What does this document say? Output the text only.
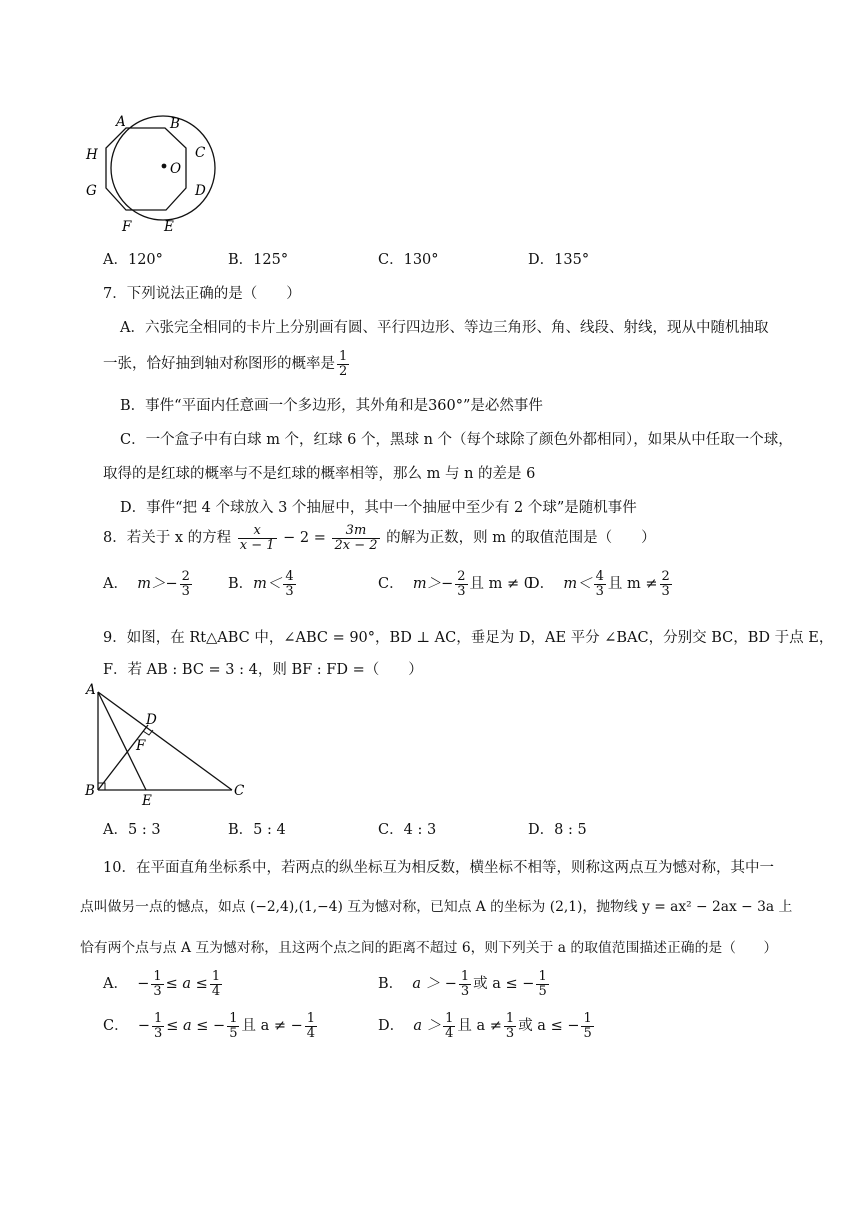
A	B
C
D
E
F
G
H
O
A．120°	B．125°	C．130°	D．135°
7．下列说法正确的是（　　）
A．六张完全相同的卡片上分别画有圆、平行四边形、等边三角形、角、线段、射线，现从中随机抽取
一张，恰好抽到轴对称图形的概率是 $\frac{1}{2}$
B．事件“平面内任意画一个多边形，其外角和是360°”是必然事件
C．一个盒子中有白球 m 个，红球 6 个，黑球 n 个（每个球除了颜色外都相同），如果从中任取一个球，
取得的是红球的概率与不是红球的概率相等，那么 m 与 n 的差是 6
D．事件“把 4 个球放入 3 个抽屉中，其中一个抽屉中至少有 2 个球”是随机事件
8．若关于 x 的方程 $\frac{x}{x - 1} - 2 = \frac{3m}{2x - 2}$ 的解为正数，则 m 的取值范围是（　　）
A． $m>- \frac{2}{3}$ B．$m< \frac{4}{3}$	C． $m>- \frac{2}{3}$ 且 m ≠ 0
D． $m< \frac{4}{3}$ 且 $m \ne \frac{2}{3}$
9．如图，在 Rt△ABC 中，∠ABC = 90°，BD ⊥ AC，垂足为 D，AE 平分 ∠BAC，分别交 BC，BD 于点 E，
F．若 AB : BC = 3 : 4，则 BF : FD =（　　）
A
D
F
B
E
C
A．5 : 3	B．5 : 4	C．4 : 3	D．8 : 5
10．在平面直角坐标系中，若两点的纵坐标互为相反数，横坐标不相等，则称这两点互为憾对称，其中一
点叫做另一点的憾点，如点 (−2,4),(1,−4) 互为憾对称，已知点 A 的坐标为 (2,1)，抛物线 y = ax² − 2ax − 3a 上
恰有两个点与点 A 互为憾对称，且这两个点之间的距离不超过 6，则下列关于 a 的取值范围描述正确的是（　　）
A． − $\frac{1}{3} \le a \le \frac{1}{4}$	B． a ＞ − $\frac{1}{3}$ 或 a ≤ − $\frac{1}{5}$
C． − $\frac{1}{3} \le a$ ≤ − $\frac{1}{5}$ 且 a ≠ − $\frac{1}{4}$	D． $a > \frac{1}{4}$ 且 $a \ne \frac{1}{3}$ 或 a ≤ − $\frac{1}{5}$
